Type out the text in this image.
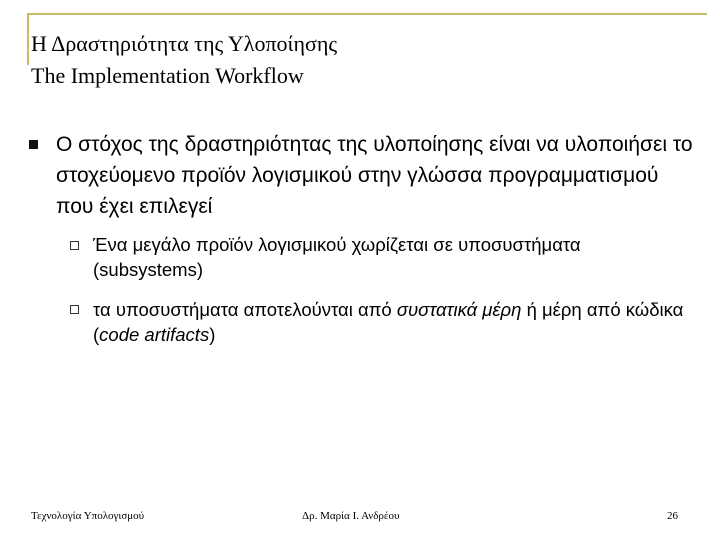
Η Δραστηριότητα της Υλοποίησης
The Implementation Workflow
Ο στόχος της δραστηριότητας της υλοποίησης είναι να υλοποιήσει το στοχεύομενο προϊόν λογισμικού στην γλώσσα προγραμματισμού που έχει επιλεγεί
Ένα μεγάλο προϊόν λογισμικού χωρίζεται σε υποσυστήματα (subsystems)
τα υποσυστήματα αποτελούνται από συστατικά μέρη ή μέρη από κώδικα (code artifacts)
Τεχνολογία Υπολογισμού	Δρ. Μαρία Ι. Ανδρέου	26
